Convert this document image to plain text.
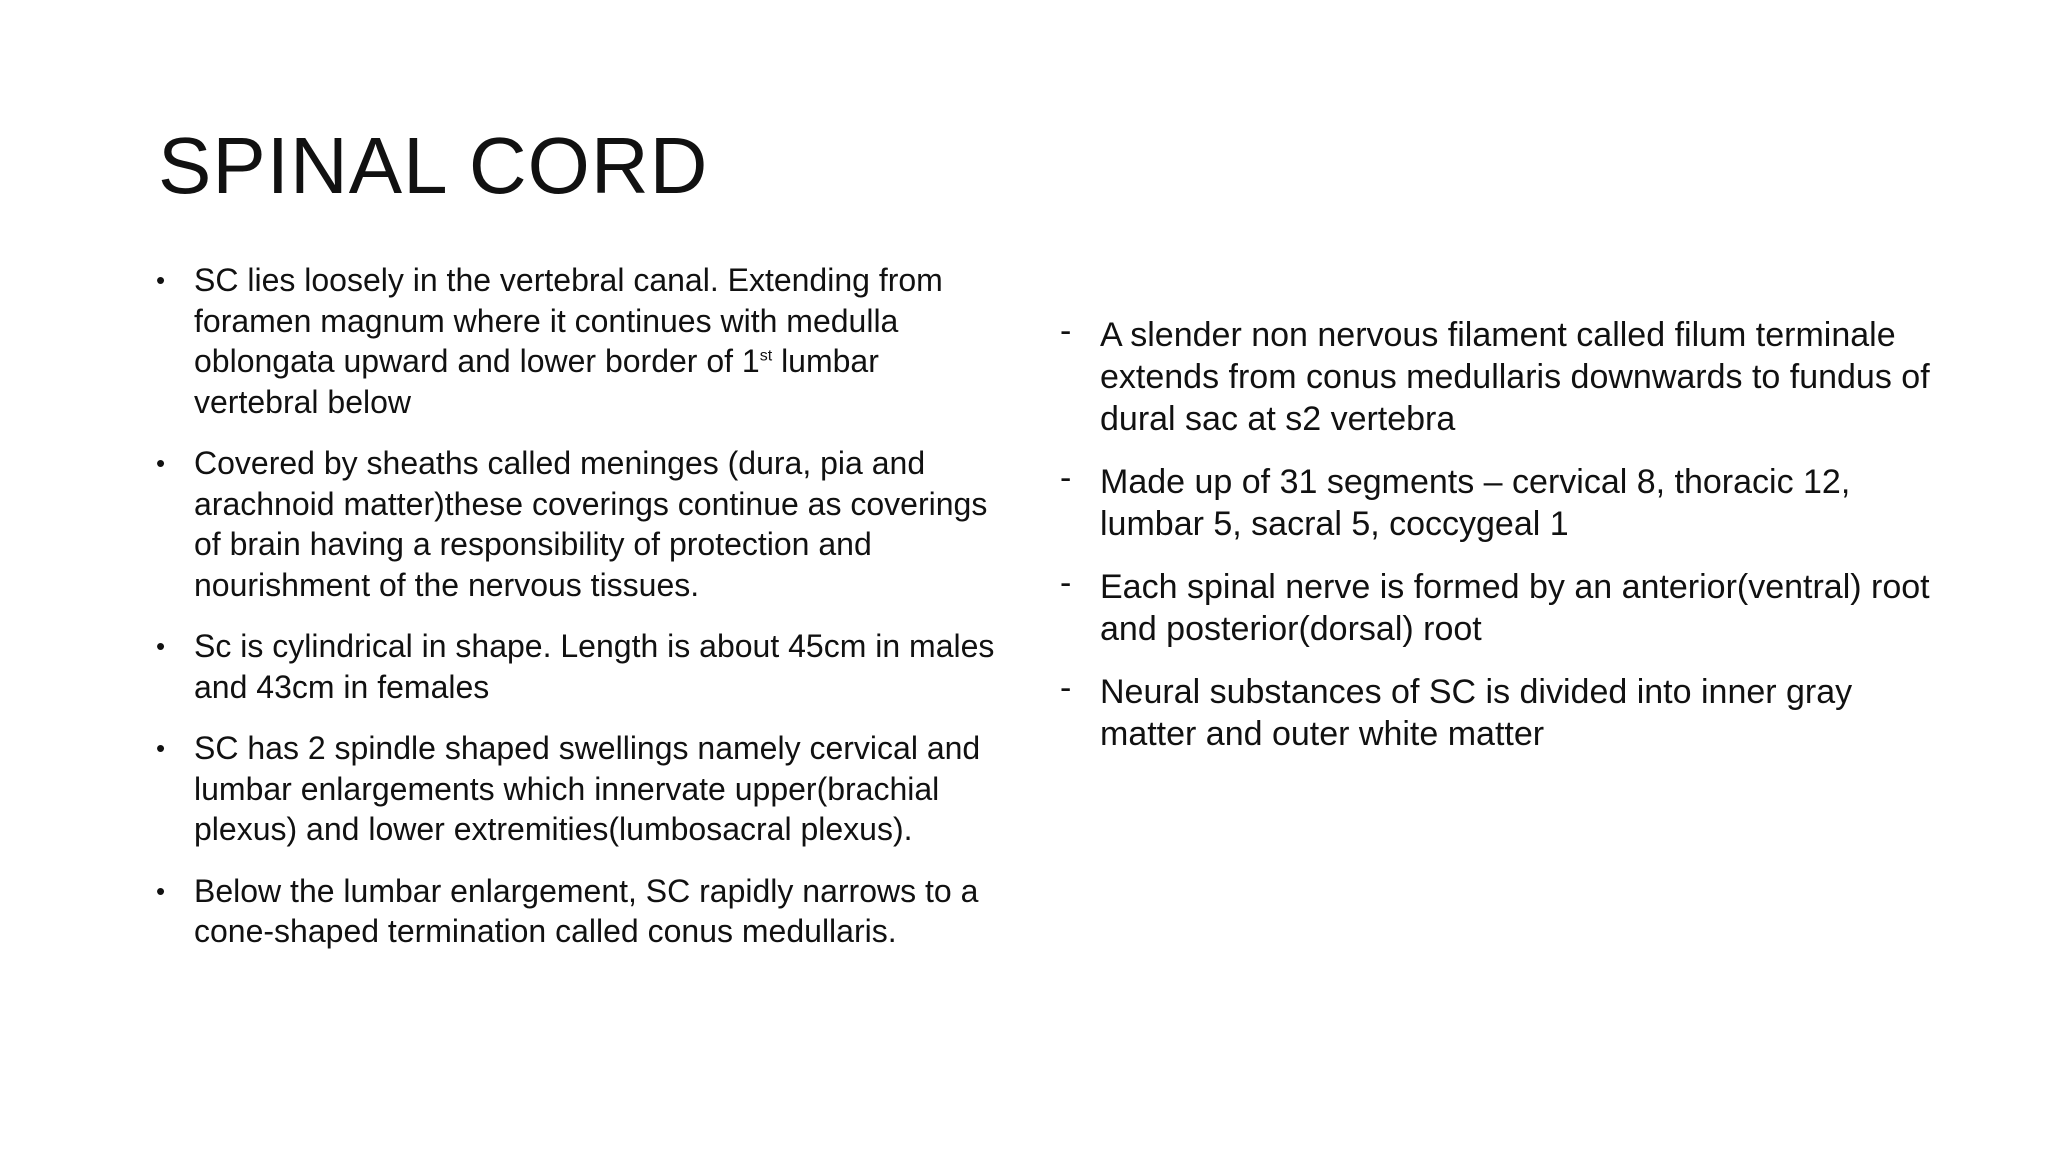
SPINAL CORD
• SC lies loosely in the vertebral canal. Extending from foramen magnum where it continues with medulla oblongata upward and lower border of 1st lumbar vertebral below
• Covered by sheaths called meninges (dura, pia and arachnoid matter)these coverings continue as coverings of brain having a responsibility of protection and nourishment of the nervous tissues.
• Sc is cylindrical in shape. Length is about 45cm in males and 43cm in females
• SC has 2 spindle shaped swellings namely cervical and lumbar enlargements which innervate upper(brachial plexus) and lower extremities(lumbosacral plexus).
• Below the lumbar enlargement, SC rapidly narrows to a cone-shaped termination called conus medullaris.
- A slender non nervous filament called filum terminale extends from conus medullaris downwards to fundus of dural sac at s2 vertebra
- Made up of 31 segments – cervical 8, thoracic 12, lumbar 5, sacral 5, coccygeal 1
- Each spinal nerve is formed by an anterior(ventral) root and posterior(dorsal) root
- Neural substances of SC is divided into inner gray matter and outer white matter
